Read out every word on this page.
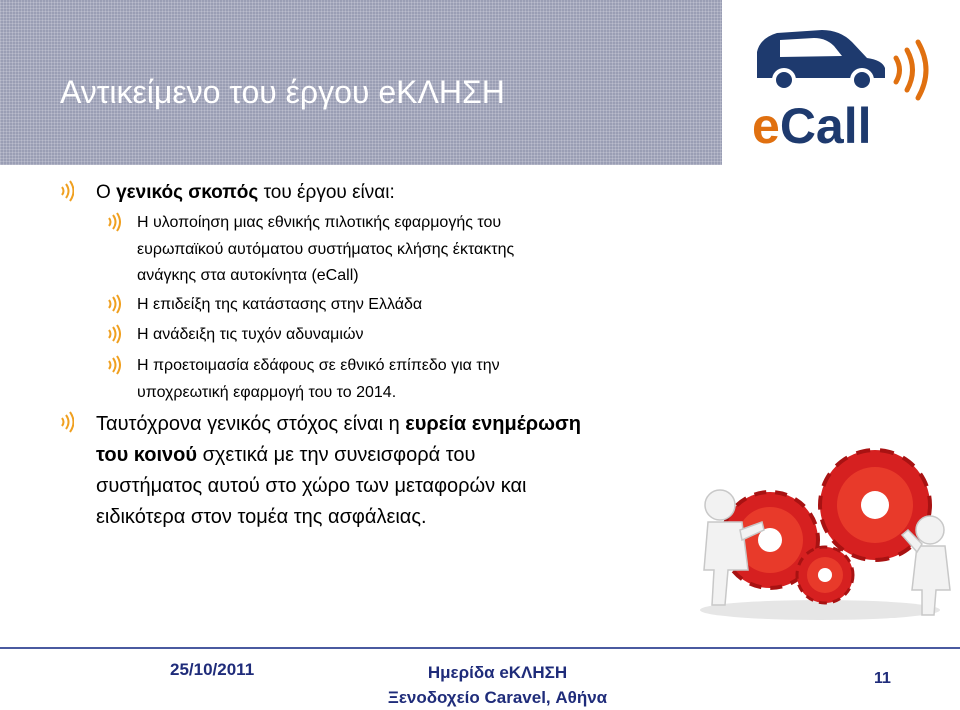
Αντικείμενο του έργου eΚΛΗΣΗ
eCall
Ο γενικός σκοπός του έργου είναι:
Η υλοποίηση μιας εθνικής πιλοτικής εφαρμογής του
ευρωπαϊκού αυτόματου συστήματος κλήσης έκτακτης
ανάγκης στα αυτοκίνητα (eCall)
Η επιδείξη της κατάστασης στην Ελλάδα
Η ανάδειξη τις τυχόν αδυναμιών
Η προετοιμασία εδάφους σε εθνικό επίπεδο για την
υποχρεωτική εφαρμογή του το 2014.
Ταυτόχρονα γενικός στόχος είναι η ευρεία ενημέρωση
του κοινού σχετικά με την συνεισφορά του
συστήματος αυτού στο χώρο των μεταφορών και
ειδικότερα στον τομέα της ασφάλειας.
25/10/2011	Ημερίδα eΚΛΗΣΗ
Ξενοδοχείο Caravel, Αθήνα
11
